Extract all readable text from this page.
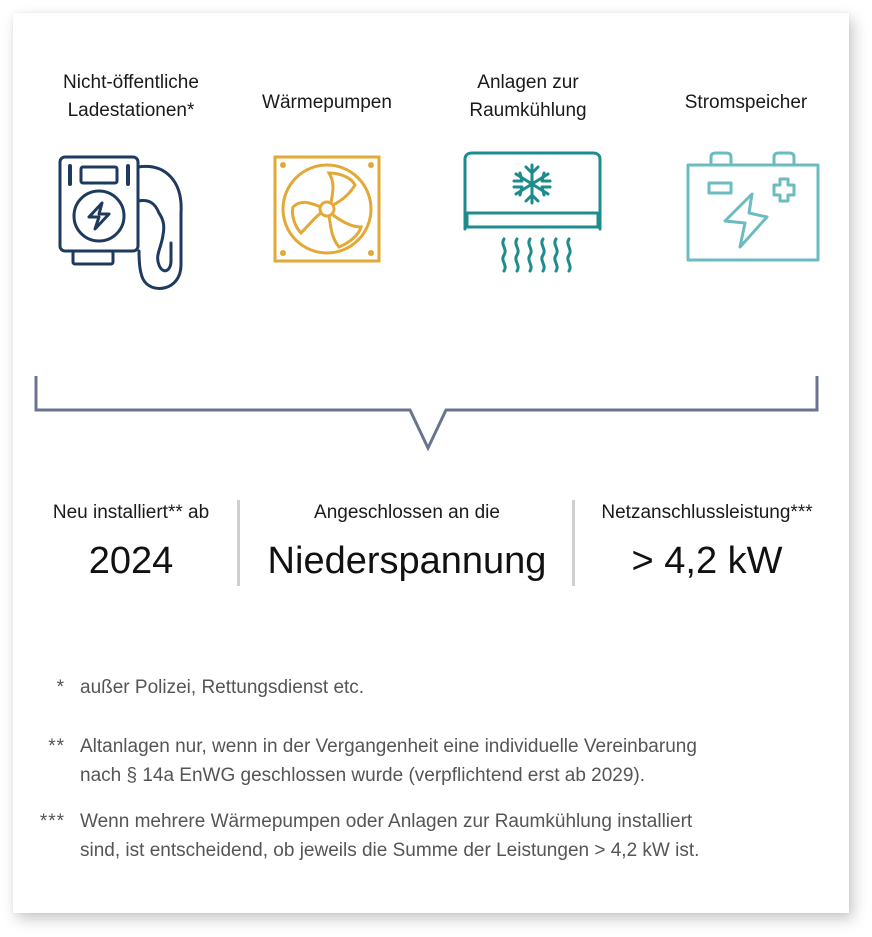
Nicht-öffentliche
Ladestationen*	Wärmepumpen
Anlagen zur
Raumkühlung	Stromspeicher
Neu installiert** ab
2024
Angeschlossen an die
Niederspannung
Netzanschlussleistung***
> 4,2 kW
* außer Polizei, Rettungsdienst etc.
** Altanlagen nur, wenn in der Vergangenheit eine individuelle Vereinbarung
nach § 14a EnWG geschlossen wurde (verpflichtend erst ab 2029).
*** Wenn mehrere Wärmepumpen oder Anlagen zur Raumkühlung installiert
sind, ist entscheidend, ob jeweils die Summe der Leistungen > 4,2 kW ist.
